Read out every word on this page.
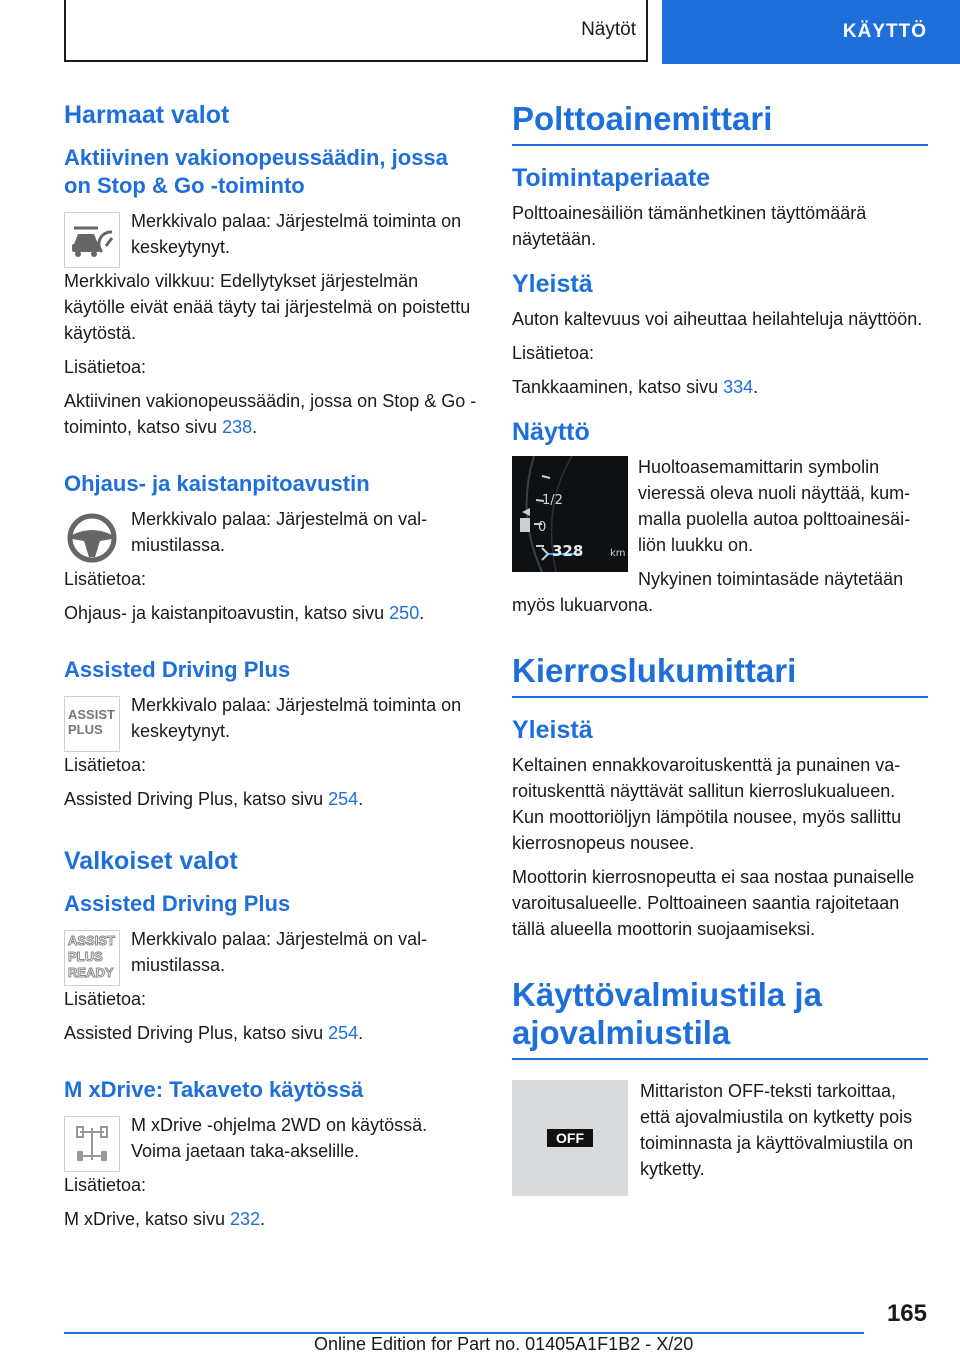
Näytöt	KÄYTTÖ
Harmaat valot
Aktiivinen vakionopeussäädin, jossa on Stop & Go -toiminto

Merkkivalo palaa: Järjestelmä toiminta on keskeytynyt.

Merkkivalo vilkkuu: Edellytykset järjestelmän käytölle eivät enää täyty tai järjestelmä on poistettu käytöstä.

Lisätietoa:

Aktiivinen vakionopeussäädin, jossa on Stop & Go -toiminto, katso sivu 238.

Ohjaus- ja kaistanpitoavustin

Merkkivalo palaa: Järjestelmä on valmiustilassa.

Lisätietoa:

Ohjaus- ja kaistanpitoavustin, katso sivu 250.

Assisted Driving Plus
ASSIST PLUS

Merkkivalo palaa: Järjestelmä toiminta on keskeytynyt.

Lisätietoa:

Assisted Driving Plus, katso sivu 254.

Valkoiset valot
Assisted Driving Plus
ASSIST PLUS READY

Merkkivalo palaa: Järjestelmä on valmiustilassa.

Lisätietoa:

Assisted Driving Plus, katso sivu 254.

M xDrive: Takaveto käytössä

M xDrive -ohjelma 2WD on käytössä. Voima jaetaan taka-akselille.

Lisätietoa:

M xDrive, katso sivu 232.

Polttoainemittari
Toimintaperiaate

Polttoainesäiliön tämänhetkinen täyttömäärä näytetään.

Yleistä

Auton kaltevuus voi aiheuttaa heilahteluja näyttöön.

Lisätietoa:

Tankkaaminen, katso sivu 334.

Näyttö
1/2
0
328	km

Huoltoasemamittarin symbolin vieressä oleva nuoli näyttää, kummalla puolella autoa polttoainesäiliön luukku on.

Nykyinen toimintasäde näytetään myös lukuarvona.

Kierroslukumittari
Yleistä

Keltainen ennakkovaroituskenttä ja punainen varoituskenttä näyttävät sallitun kierroslukualueen. Kun moottoriöljyn lämpötila nousee, myös sallittu kierrosnopeus nousee.

Moottorin kierrosnopeutta ei saa nostaa punaiselle varoitusalueelle. Polttoaineen saantia rajoitetaan tällä alueella moottorin suojaamiseksi.

Käyttövalmiustila ja ajovalmiustila
OFF

Mittariston OFF-teksti tarkoittaa, että ajovalmiustila on kytketty pois toiminnasta ja käyttövalmiustila on kytketty.

165
Online Edition for Part no. 01405A1F1B2 - X/20
